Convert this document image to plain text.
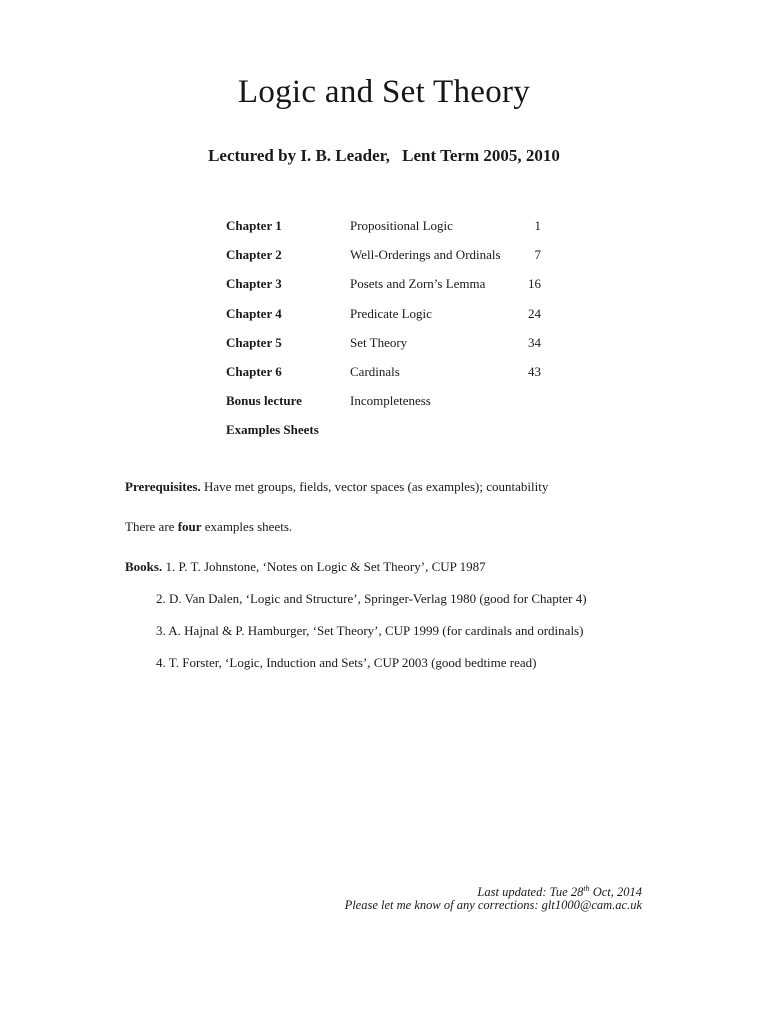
Logic and Set Theory
Lectured by I. B. Leader, Lent Term 2005, 2010
Chapter 1	Propositional Logic	1
Chapter 2	Well-Orderings and Ordinals	7
Chapter 3	Posets and Zorn’s Lemma	16
Chapter 4	Predicate Logic	24
Chapter 5	Set Theory	34
Chapter 6	Cardinals	43
Bonus lecture	Incompleteness
Examples Sheets
Prerequisites. Have met groups, fields, vector spaces (as examples); countability
There are four examples sheets.
Books. 1. P. T. Johnstone, ‘Notes on Logic & Set Theory’, CUP 1987
2. D. Van Dalen, ‘Logic and Structure’, Springer-Verlag 1980 (good for Chapter 4)
3. A. Hajnal & P. Hamburger, ‘Set Theory’, CUP 1999 (for cardinals and ordinals)
4. T. Forster, ‘Logic, Induction and Sets’, CUP 2003 (good bedtime read)
Last updated: Tue 28th Oct, 2014
Please let me know of any corrections: glt1000@cam.ac.uk
